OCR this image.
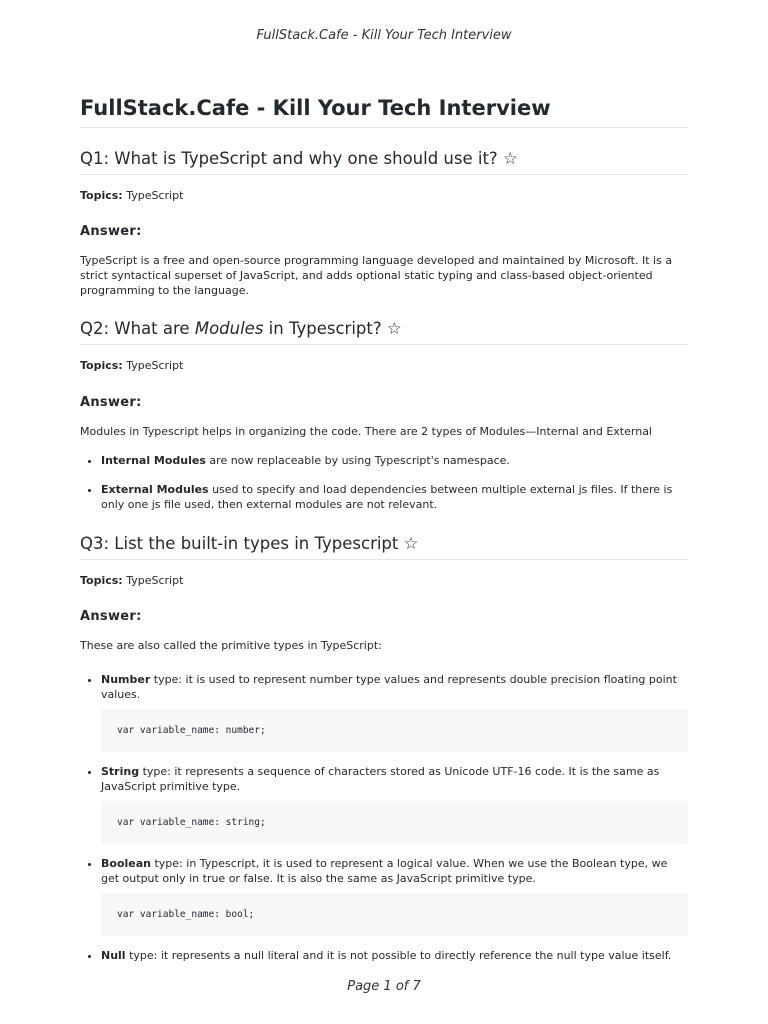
FullStack.Cafe - Kill Your Tech Interview
FullStack.Cafe - Kill Your Tech Interview
Q1: What is TypeScript and why one should use it? ☆
Topics: TypeScript
Answer:

TypeScript is a free and open-source programming language developed and maintained by Microsoft. It is a strict syntactical superset of JavaScript, and adds optional static typing and class-based object-oriented programming to the language.

Q2: What are Modules in Typescript? ☆
Topics: TypeScript
Answer:

Modules in Typescript helps in organizing the code. There are 2 types of Modules—Internal and External

• Internal Modules are now replaceable by using Typescript's namespace.
• External Modules used to specify and load dependencies between multiple external js files. If there is only one js file used, then external modules are not relevant.
Q3: List the built-in types in Typescript ☆
Topics: TypeScript
Answer:

These are also called the primitive types in TypeScript:

• Number type: it is used to represent number type values and represents double precision floating point values.
var variable_name: number;
• String type: it represents a sequence of characters stored as Unicode UTF-16 code. It is the same as JavaScript primitive type.
var variable_name: string;
• Boolean type: in Typescript, it is used to represent a logical value. When we use the Boolean type, we get output only in true or false. It is also the same as JavaScript primitive type.
var variable_name: bool;
• Null type: it represents a null literal and it is not possible to directly reference the null type value itself.
Page 1 of 7
